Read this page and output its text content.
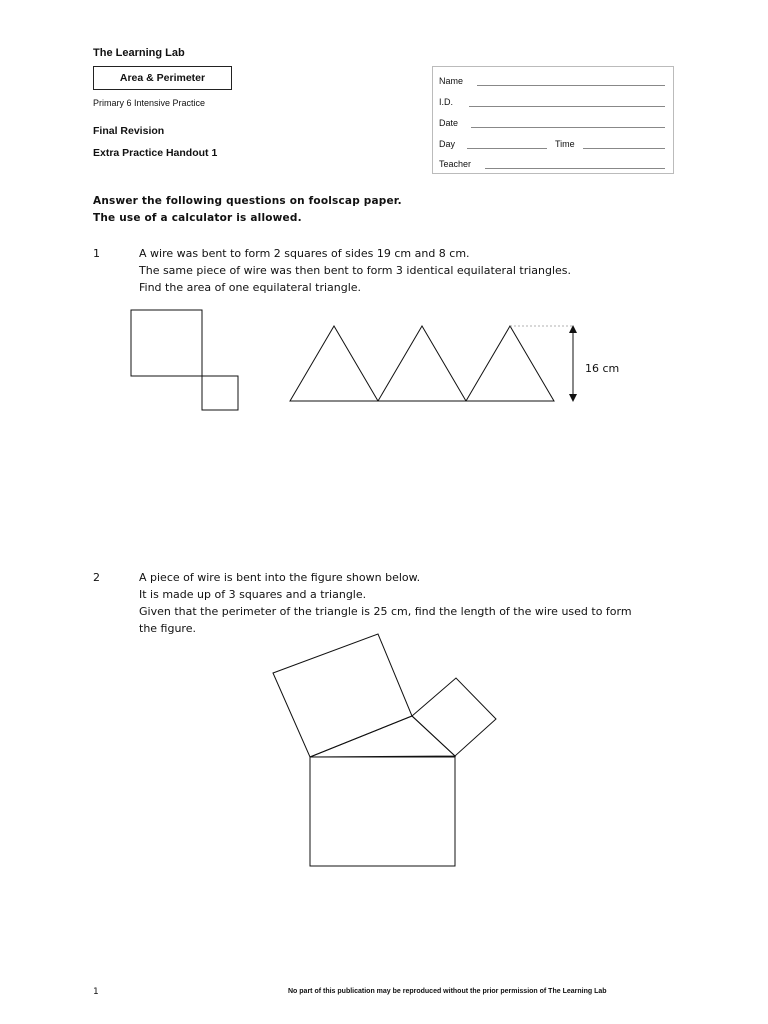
The Learning Lab
Area & Perimeter
Primary 6 Intensive Practice
Final Revision
Extra Practice Handout 1
Name
I.D.
Date
Day	Time
Teacher
Answer the following questions on foolscap paper.
The use of a calculator is allowed.
1	A wire was bent to form 2 squares of sides 19 cm and 8 cm.
The same piece of wire was then bent to form 3 identical equilateral triangles.
Find the area of one equilateral triangle.
16 cm
2	A piece of wire is bent into the figure shown below.
It is made up of 3 squares and a triangle.
Given that the perimeter of the triangle is 25 cm, find the length of the wire used to form
the figure.
1	No part of this publication may be reproduced without the prior permission of The Learning Lab
